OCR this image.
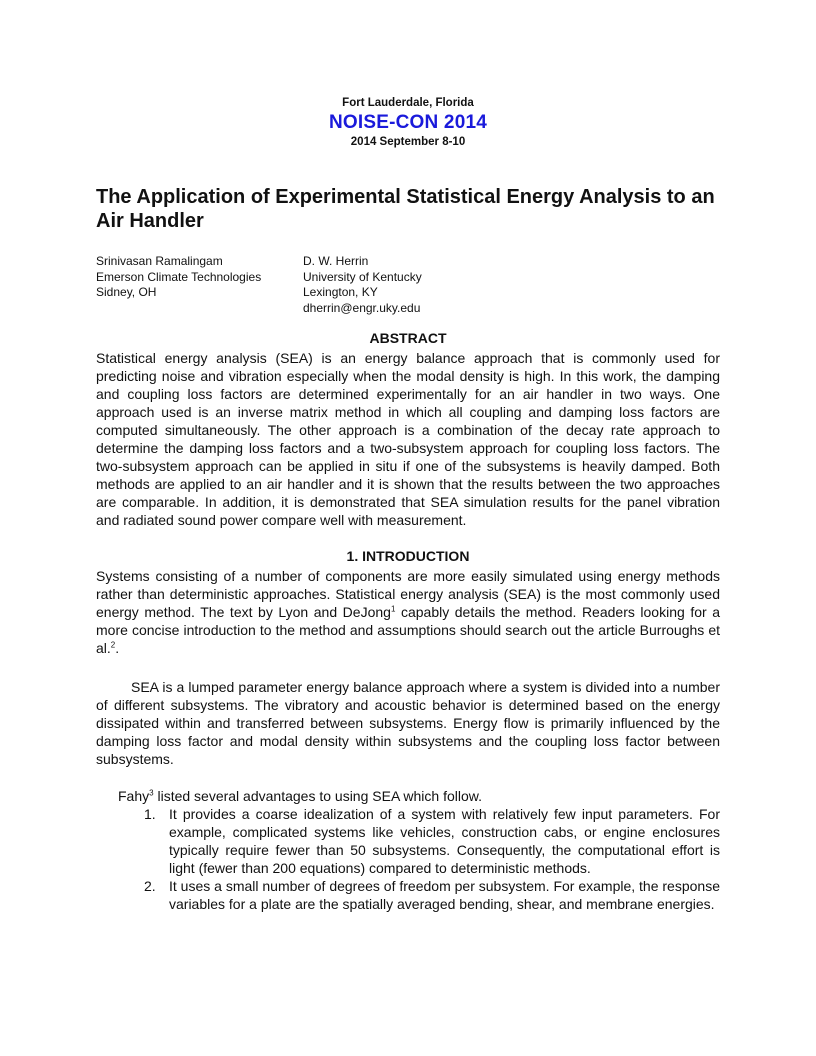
Fort Lauderdale, Florida
NOISE-CON 2014
2014 September 8-10
The Application of Experimental Statistical Energy Analysis to an Air Handler
Srinivasan Ramalingam
Emerson Climate Technologies
Sidney, OH
D. W. Herrin
University of Kentucky
Lexington, KY
dherrin@engr.uky.edu
ABSTRACT
Statistical energy analysis (SEA) is an energy balance approach that is commonly used for predicting noise and vibration especially when the modal density is high. In this work, the damping and coupling loss factors are determined experimentally for an air handler in two ways. One approach used is an inverse matrix method in which all coupling and damping loss factors are computed simultaneously. The other approach is a combination of the decay rate approach to determine the damping loss factors and a two-subsystem approach for coupling loss factors. The two-subsystem approach can be applied in situ if one of the subsystems is heavily damped. Both methods are applied to an air handler and it is shown that the results between the two approaches are comparable. In addition, it is demonstrated that SEA simulation results for the panel vibration and radiated sound power compare well with measurement.
1. INTRODUCTION
Systems consisting of a number of components are more easily simulated using energy methods rather than deterministic approaches. Statistical energy analysis (SEA) is the most commonly used energy method. The text by Lyon and DeJong$^1$ capably details the method. Readers looking for a more concise introduction to the method and assumptions should search out the article Burroughs et al.$^2$.
SEA is a lumped parameter energy balance approach where a system is divided into a number of different subsystems. The vibratory and acoustic behavior is determined based on the energy dissipated within and transferred between subsystems. Energy flow is primarily influenced by the damping loss factor and modal density within subsystems and the coupling loss factor between subsystems.
Fahy$^3$ listed several advantages to using SEA which follow.
1. It provides a coarse idealization of a system with relatively few input parameters. For example, complicated systems like vehicles, construction cabs, or engine enclosures typically require fewer than 50 subsystems. Consequently, the computational effort is light (fewer than 200 equations) compared to deterministic methods.
2. It uses a small number of degrees of freedom per subsystem. For example, the response variables for a plate are the spatially averaged bending, shear, and membrane energies.
